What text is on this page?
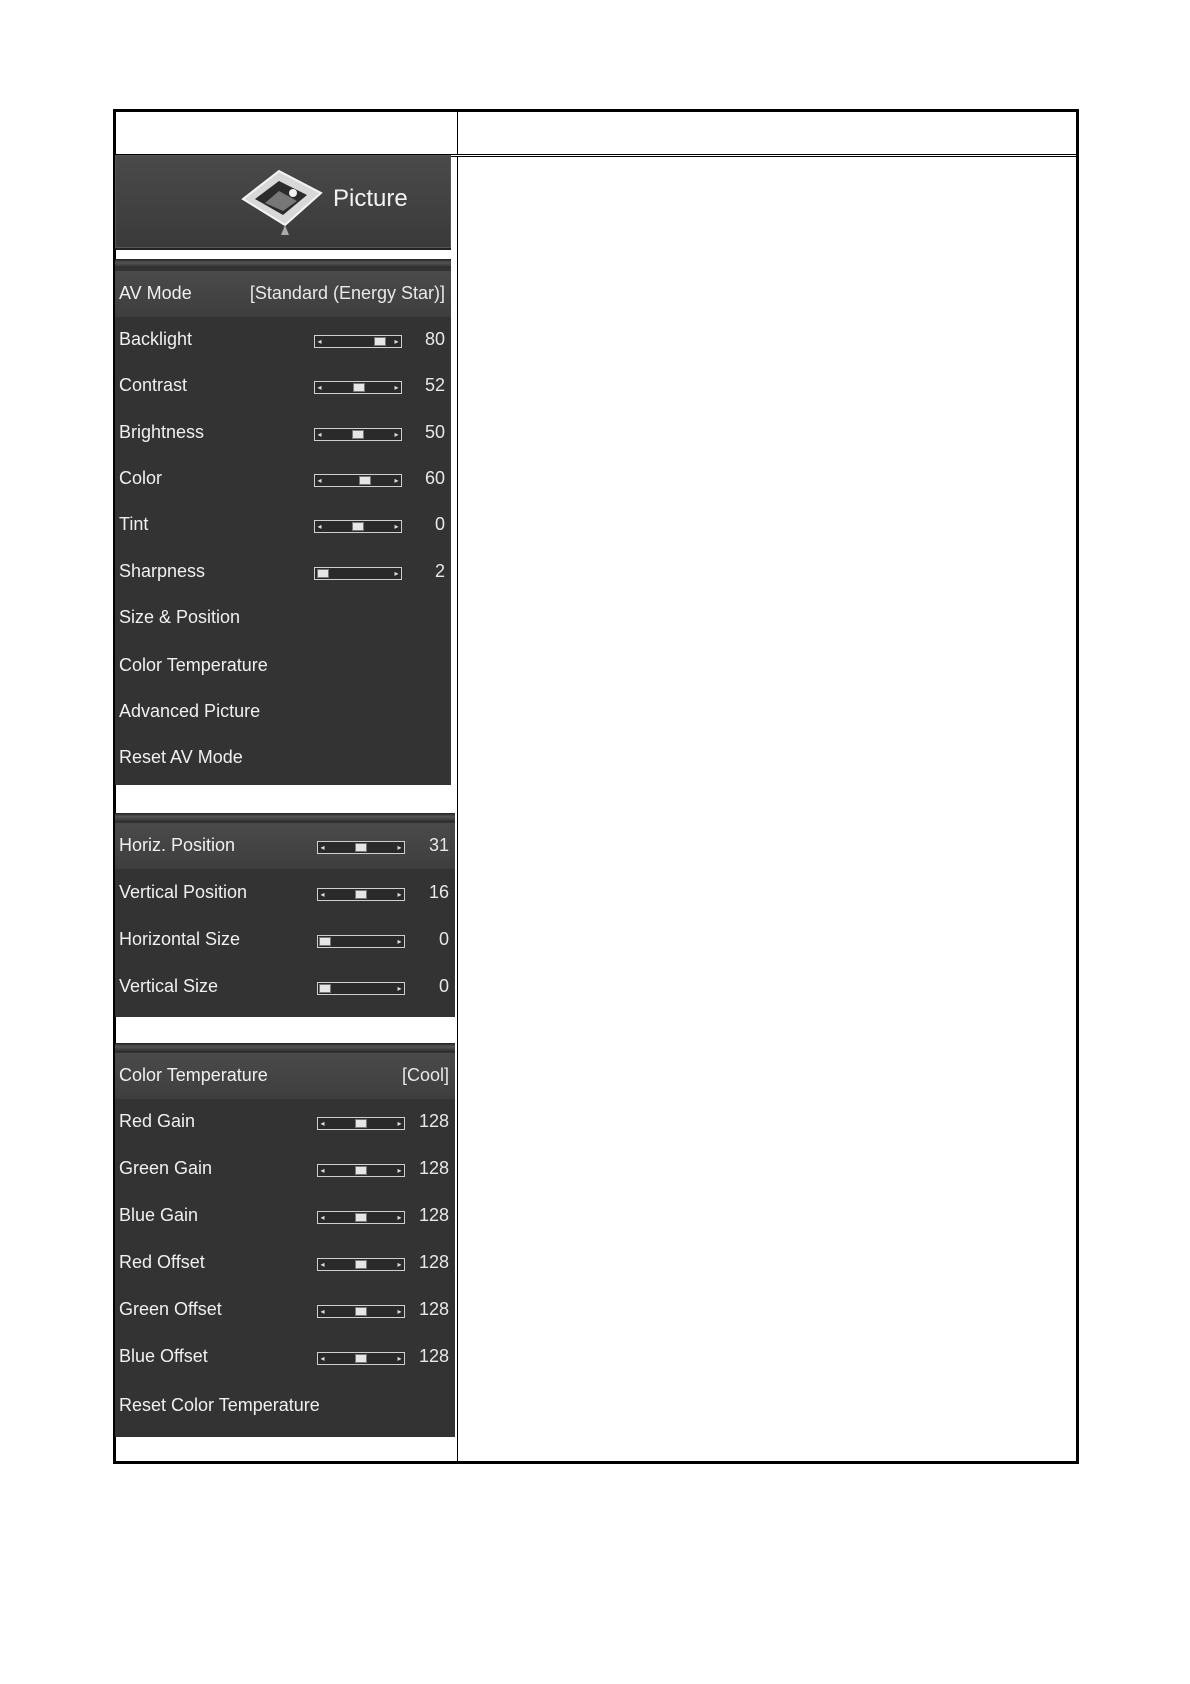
Picture
AV Mode	[Standard (Energy Star)]
Backlight	◂	▸ 80
Contrast	◂	▸ 52
Brightness	◂	▸ 50
Color	◂	▸ 60
Tint	◂	▸ 0
Sharpness	▸ 2
Size & Position
Color Temperature
Advanced Picture
Reset AV Mode
Horiz. Position	◂	▸ 31
Vertical Position	◂	▸ 16
Horizontal Size	▸ 0
Vertical Size	▸ 0
Color Temperature	[Cool]
Red Gain	◂	▸ 128
Green Gain	◂	▸ 128
Blue Gain	◂	▸ 128
Red Offset	◂	▸ 128
Green Offset	◂	▸ 128
Blue Offset	◂	▸ 128
Reset Color Temperature
